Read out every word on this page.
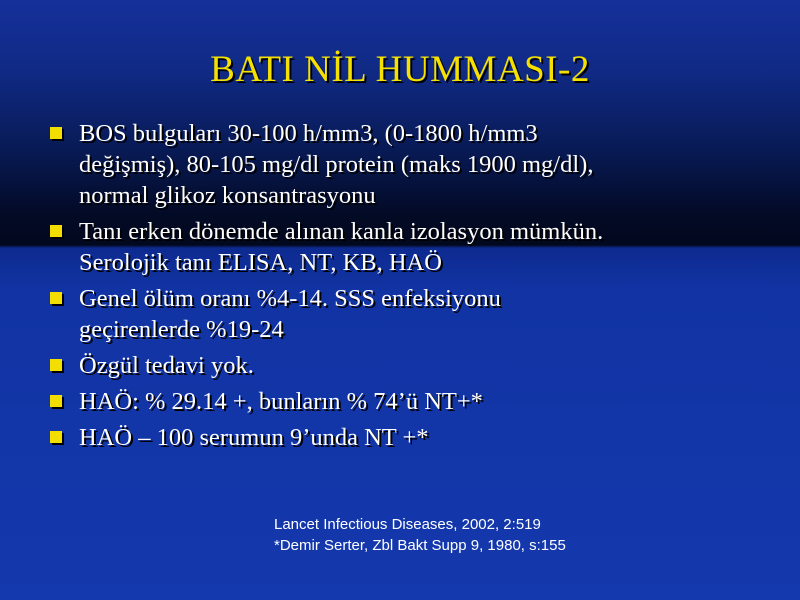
BATI NİL HUMMASI-2
BOS bulguları 30-100 h/mm3, (0-1800 h/mm3
değişmiş), 80-105 mg/dl protein (maks 1900 mg/dl),
normal glikoz konsantrasyonu
Tanı erken dönemde alınan kanla izolasyon mümkün.
Serolojik tanı ELISA, NT, KB, HAÖ
Genel ölüm oranı %4-14. SSS enfeksiyonu
geçirenlerde %19-24
Özgül tedavi yok.
HAÖ: % 29.14 +, bunların % 74’ü NT+*
HAÖ – 100 serumun 9’unda NT +*
Lancet Infectious Diseases, 2002, 2:519
*Demir Serter, Zbl Bakt Supp 9, 1980, s:155
